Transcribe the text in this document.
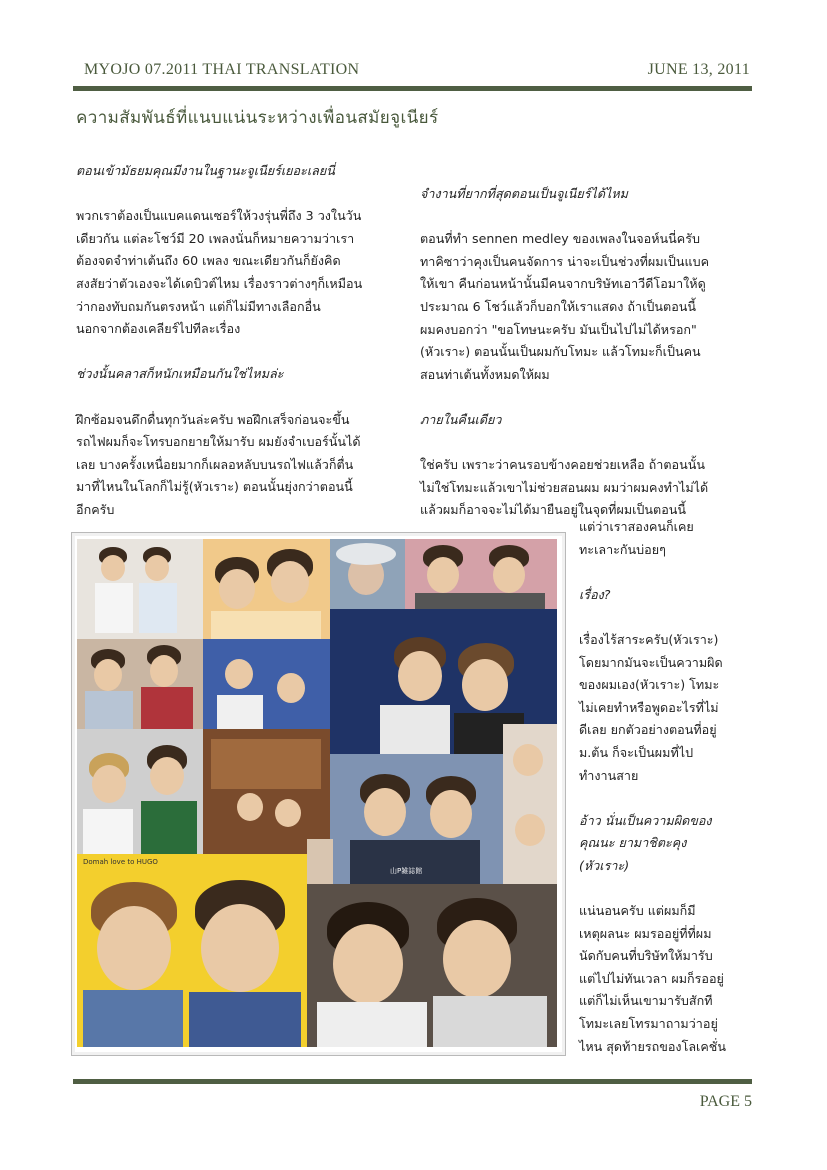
MYOJO 07.2011 THAI TRANSLATION	JUNE 13, 2011
ความสัมพันธ์ที่แนบแน่นระหว่างเพื่อนสมัยจูเนียร์
ตอนเข้ามัธยมคุณมีงานในฐานะจูเนียร์เยอะเลยนี่

พวกเราต้องเป็นแบคแดนเซอร์ให้วงรุ่นพี่ถึง 3 วงในวัน
เดียวกัน แต่ละโชว์มี 20 เพลงนั่นก็หมายความว่าเรา
ต้องจดจำท่าเต้นถึง 60 เพลง ขณะเดียวกันก็ยังคิด
สงสัยว่าตัวเองจะได้เดบิวต์ไหม เรื่องราวต่างๆก็เหมือน
ว่ากองทับถมกันตรงหน้า แต่ก็ไม่มีทางเลือกอื่น
นอกจากต้องเคลียร์ไปทีละเรื่อง

ช่วงนั้นคลาสก็หนักเหมือนกันใช่ไหมล่ะ

ฝึกซ้อมจนดึกดื่นทุกวันล่ะครับ พอฝึกเสร็จก่อนจะขึ้น
รถไฟผมก็จะโทรบอกยายให้มารับ ผมยังจำเบอร์นั้นได้
เลย บางครั้งเหนื่อยมากก็เผลอหลับบนรถไฟแล้วก็ตื่น
มาที่ไหนในโลกก็ไม่รู้(หัวเราะ) ตอนนั้นยุ่งกว่าตอนนี้
อีกครับ

จำงานที่ยากที่สุดตอนเป็นจูเนียร์ได้ไหม

ตอนที่ทำ sennen medley ของเพลงในจอห์นนี่ครับ
ทาคิซาว่าคุงเป็นคนจัดการ น่าจะเป็นช่วงที่ผมเป็นแบค
ให้เขา คืนก่อนหน้านั้นมีคนจากบริษัทเอาวีดีโอมาให้ดู
ประมาณ 6 โชว์แล้วก็บอกให้เราแสดง ถ้าเป็นตอนนี้
ผมคงบอกว่า "ขอโทษนะครับ มันเป็นไปไม่ได้หรอก"
(หัวเราะ) ตอนนั้นเป็นผมกับโทมะ แล้วโทมะก็เป็นคน
สอนท่าเต้นทั้งหมดให้ผม

ภายในคืนเดียว

ใช่ครับ เพราะว่าคนรอบข้างคอยช่วยเหลือ ถ้าตอนนั้น
ไม่ใช่โทมะแล้วเขาไม่ช่วยสอนผม ผมว่าผมคงทำไม่ได้
แล้วผมก็อาจจะไม่ได้มายืนอยู่ในจุดที่ผมเป็นตอนนี้

แต่ว่าเราสองคนก็เคย
ทะเลาะกันบ่อยๆ

เรื่อง?

เรื่องไร้สาระครับ(หัวเราะ)
โดยมากมันจะเป็นความผิด
ของผมเอง(หัวเราะ) โทมะ
ไม่เคยทำหรือพูดอะไรที่ไม่
ดีเลย ยกตัวอย่างตอนที่อยู่
ม.ต้น ก็จะเป็นผมที่ไป
ทำงานสาย

อ้าว นั่นเป็นความผิดของ
คุณนะ ยามาชิตะคุง
(หัวเราะ)

แน่นอนครับ แต่ผมก็มี
เหตุผลนะ ผมรออยู่ที่ที่ผม
นัดกับคนที่บริษัทให้มารับ
แต่ไปไม่ทันเวลา ผมก็รออยู่
แต่ก็ไม่เห็นเขามารับสักที
โทมะเลยโทรมาถามว่าอยู่
ไหน สุดท้ายรถของโลเคชั่น

山P雑誌館
Domah love to HUGO
PAGE 5
